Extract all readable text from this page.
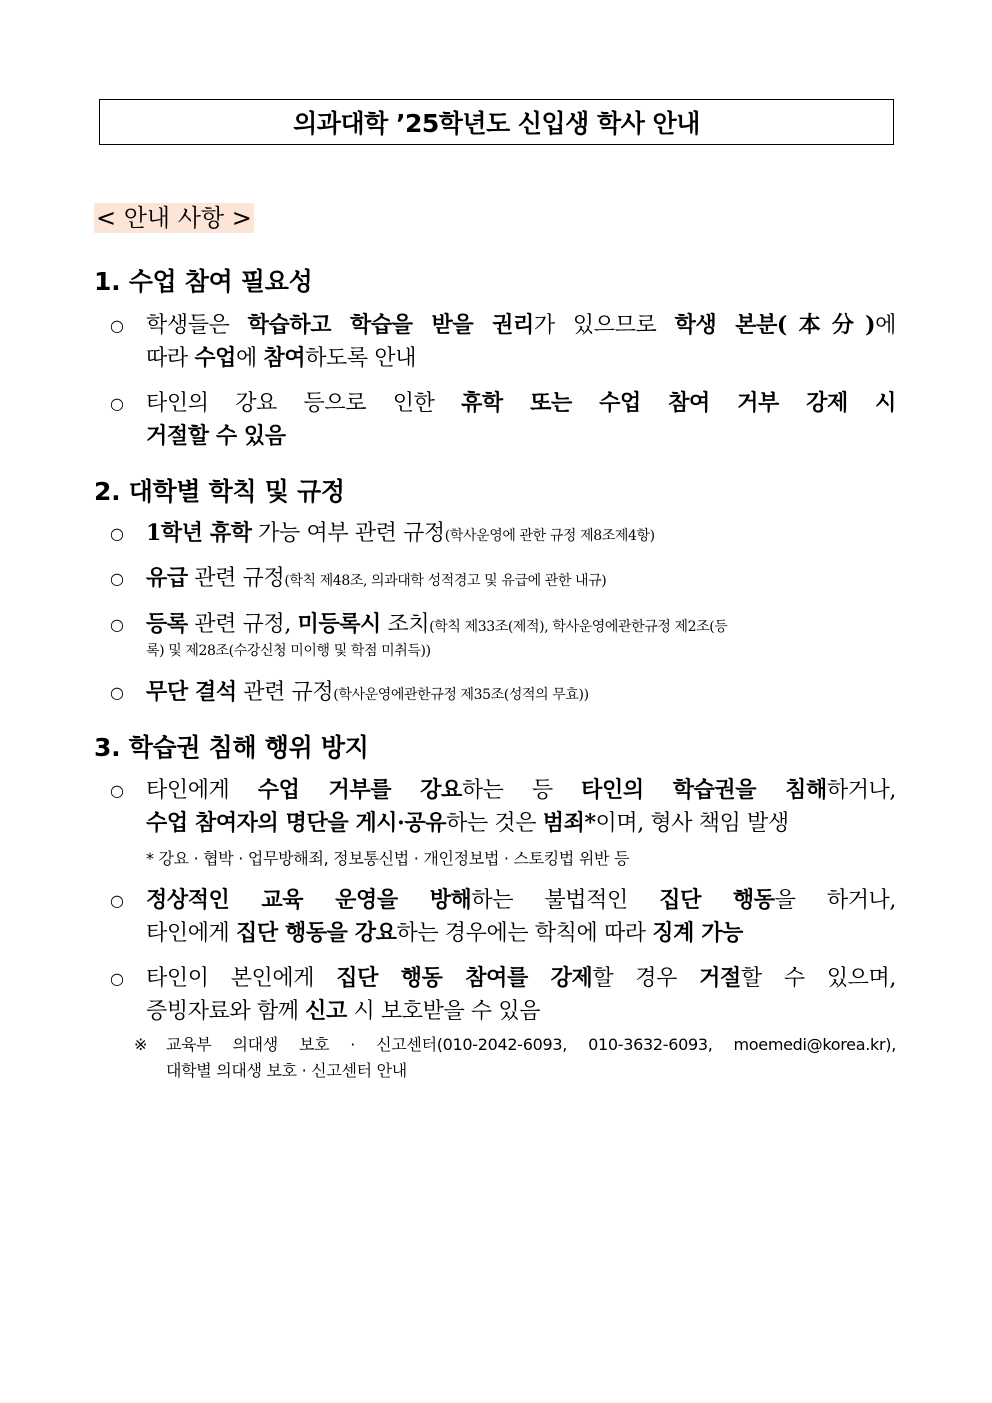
의과대학 ’25학년도 신입생 학사 안내
< 안내 사항 >
1. 수업 참여 필요성
○ 학생들은 학습하고 학습을 받을 권리가 있으므로 학생 본분(本分)에
따라 수업에 참여하도록 안내
○ 타인의 강요 등으로 인한 휴학 또는 수업 참여 거부 강제 시
거절할 수 있음
2. 대학별 학칙 및 규정
○ 1학년 휴학 가능 여부 관련 규정(학사운영에 관한 규정 제8조제4항)
○ 유급 관련 규정(학칙 제48조, 의과대학 성적경고 및 유급에 관한 내규)
○ 등록 관련 규정, 미등록시 조치(학칙 제33조(제적), 학사운영에관한규정 제2조(등
록) 및 제28조(수강신청 미이행 및 학점 미취득))
○ 무단 결석 관련 규정(학사운영에관한규정 제35조(성적의 무효))
3. 학습권 침해 행위 방지
○ 타인에게 수업 거부를 강요하는 등 타인의 학습권을 침해하거나,
수업 참여자의 명단을 게시·공유하는 것은 범죄*이며, 형사 책임 발생
* 강요 · 협박 · 업무방해죄, 정보통신법 · 개인정보법 · 스토킹법 위반 등
○ 정상적인 교육 운영을 방해하는 불법적인 집단 행동을 하거나,
타인에게 집단 행동을 강요하는 경우에는 학칙에 따라 징계 가능
○ 타인이 본인에게 집단 행동 참여를 강제할 경우 거절할 수 있으며,
증빙자료와 함께 신고 시 보호받을 수 있음
※ 교육부 의대생 보호 · 신고센터(010-2042-6093, 010-3632-6093, moemedi@korea.kr),
대학별 의대생 보호 · 신고센터 안내
